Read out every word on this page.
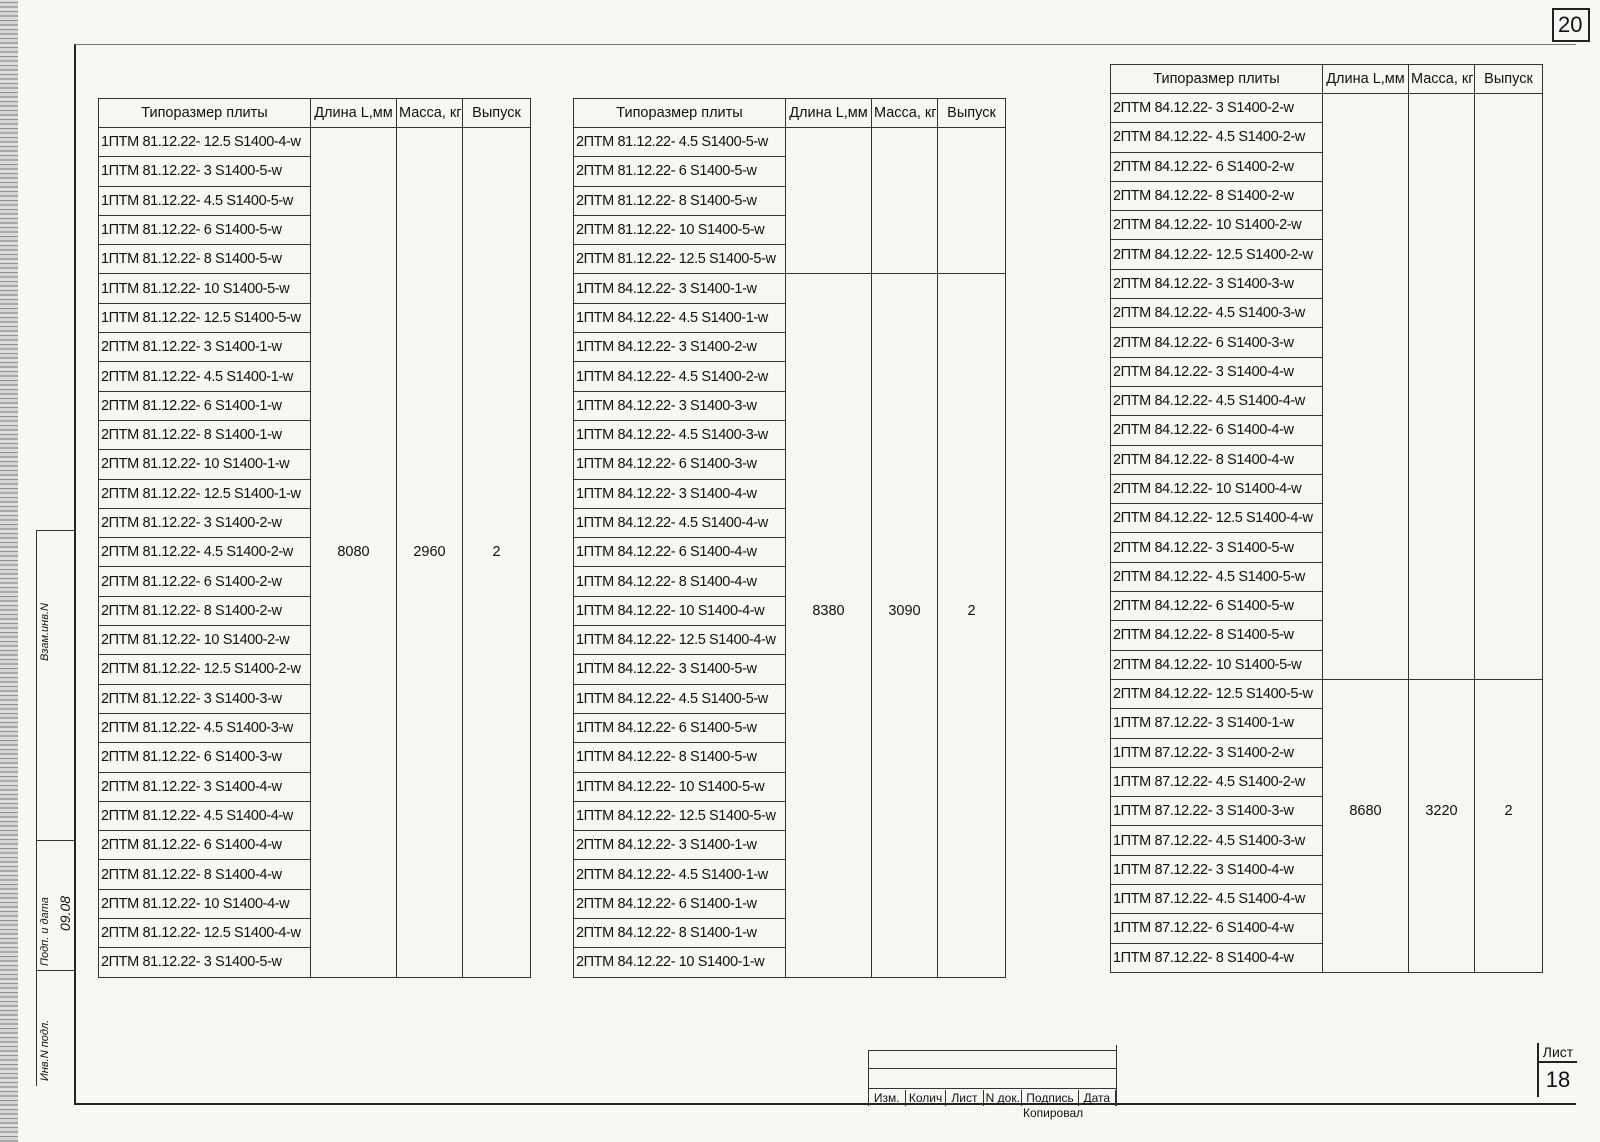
20
Типоразмер плиты	Длина L,мм	Масса, кг	Выпуск
1ПТМ 81.12.22- 12.5 S1400-4-w			
1ПТМ 81.12.22- 3 S1400-5-w			
1ПТМ 81.12.22- 4.5 S1400-5-w			
1ПТМ 81.12.22- 6 S1400-5-w			
1ПТМ 81.12.22- 8 S1400-5-w			
1ПТМ 81.12.22- 10 S1400-5-w			
1ПТМ 81.12.22- 12.5 S1400-5-w			
2ПТМ 81.12.22- 3 S1400-1-w			
2ПТМ 81.12.22- 4.5 S1400-1-w			
2ПТМ 81.12.22- 6 S1400-1-w			
2ПТМ 81.12.22- 8 S1400-1-w			
2ПТМ 81.12.22- 10 S1400-1-w			
2ПТМ 81.12.22- 12.5 S1400-1-w			
2ПТМ 81.12.22- 3 S1400-2-w			
2ПТМ 81.12.22- 4.5 S1400-2-w	8080	2960	2
2ПТМ 81.12.22- 6 S1400-2-w			
2ПТМ 81.12.22- 8 S1400-2-w			
2ПТМ 81.12.22- 10 S1400-2-w			
2ПТМ 81.12.22- 12.5 S1400-2-w			
2ПТМ 81.12.22- 3 S1400-3-w			
2ПТМ 81.12.22- 4.5 S1400-3-w			
2ПТМ 81.12.22- 6 S1400-3-w			
2ПТМ 81.12.22- 3 S1400-4-w			
2ПТМ 81.12.22- 4.5 S1400-4-w			
2ПТМ 81.12.22- 6 S1400-4-w			
2ПТМ 81.12.22- 8 S1400-4-w			
2ПТМ 81.12.22- 10 S1400-4-w			
2ПТМ 81.12.22- 12.5 S1400-4-w			
2ПТМ 81.12.22- 3 S1400-5-w			
Типоразмер плиты	Длина L,мм	Масса, кг	Выпуск
2ПТМ 81.12.22- 4.5 S1400-5-w			
2ПТМ 81.12.22- 6 S1400-5-w			
2ПТМ 81.12.22- 8 S1400-5-w			
2ПТМ 81.12.22- 10 S1400-5-w			
2ПТМ 81.12.22- 12.5 S1400-5-w			
1ПТМ 84.12.22- 3 S1400-1-w			
1ПТМ 84.12.22- 4.5 S1400-1-w			
1ПТМ 84.12.22- 3 S1400-2-w			
1ПТМ 84.12.22- 4.5 S1400-2-w			
1ПТМ 84.12.22- 3 S1400-3-w			
1ПТМ 84.12.22- 4.5 S1400-3-w			
1ПТМ 84.12.22- 6 S1400-3-w			
1ПТМ 84.12.22- 3 S1400-4-w			
1ПТМ 84.12.22- 4.5 S1400-4-w			
1ПТМ 84.12.22- 6 S1400-4-w			
1ПТМ 84.12.22- 8 S1400-4-w			
1ПТМ 84.12.22- 10 S1400-4-w	8380	3090	2
1ПТМ 84.12.22- 12.5 S1400-4-w			
1ПТМ 84.12.22- 3 S1400-5-w			
1ПТМ 84.12.22- 4.5 S1400-5-w			
1ПТМ 84.12.22- 6 S1400-5-w			
1ПТМ 84.12.22- 8 S1400-5-w			
1ПТМ 84.12.22- 10 S1400-5-w			
1ПТМ 84.12.22- 12.5 S1400-5-w			
2ПТМ 84.12.22- 3 S1400-1-w			
2ПТМ 84.12.22- 4.5 S1400-1-w			
2ПТМ 84.12.22- 6 S1400-1-w			
2ПТМ 84.12.22- 8 S1400-1-w			
2ПТМ 84.12.22- 10 S1400-1-w			
Типоразмер плиты	Длина L,мм	Масса, кг	Выпуск
2ПТМ 84.12.22- 3 S1400-2-w			
2ПТМ 84.12.22- 4.5 S1400-2-w			
2ПТМ 84.12.22- 6 S1400-2-w			
2ПТМ 84.12.22- 8 S1400-2-w			
2ПТМ 84.12.22- 10 S1400-2-w			
2ПТМ 84.12.22- 12.5 S1400-2-w			
2ПТМ 84.12.22- 3 S1400-3-w			
2ПТМ 84.12.22- 4.5 S1400-3-w			
2ПТМ 84.12.22- 6 S1400-3-w			
2ПТМ 84.12.22- 3 S1400-4-w			
2ПТМ 84.12.22- 4.5 S1400-4-w			
2ПТМ 84.12.22- 6 S1400-4-w			
2ПТМ 84.12.22- 8 S1400-4-w			
2ПТМ 84.12.22- 10 S1400-4-w			
2ПТМ 84.12.22- 12.5 S1400-4-w			
2ПТМ 84.12.22- 3 S1400-5-w			
2ПТМ 84.12.22- 4.5 S1400-5-w			
2ПТМ 84.12.22- 6 S1400-5-w			
2ПТМ 84.12.22- 8 S1400-5-w			
2ПТМ 84.12.22- 10 S1400-5-w			
2ПТМ 84.12.22- 12.5 S1400-5-w			
1ПТМ 87.12.22- 3 S1400-1-w			
1ПТМ 87.12.22- 3 S1400-2-w			
1ПТМ 87.12.22- 4.5 S1400-2-w			
1ПТМ 87.12.22- 3 S1400-3-w	8680	3220	2
1ПТМ 87.12.22- 4.5 S1400-3-w			
1ПТМ 87.12.22- 3 S1400-4-w			
1ПТМ 87.12.22- 4.5 S1400-4-w			
1ПТМ 87.12.22- 6 S1400-4-w			
1ПТМ 87.12.22- 8 S1400-4-w			
Взам.инв.N
Подп. и дата 09.08
Инв.N подл.
Изм. Колич Лист N док. Подпись Дата
Копировал
Лист
18
